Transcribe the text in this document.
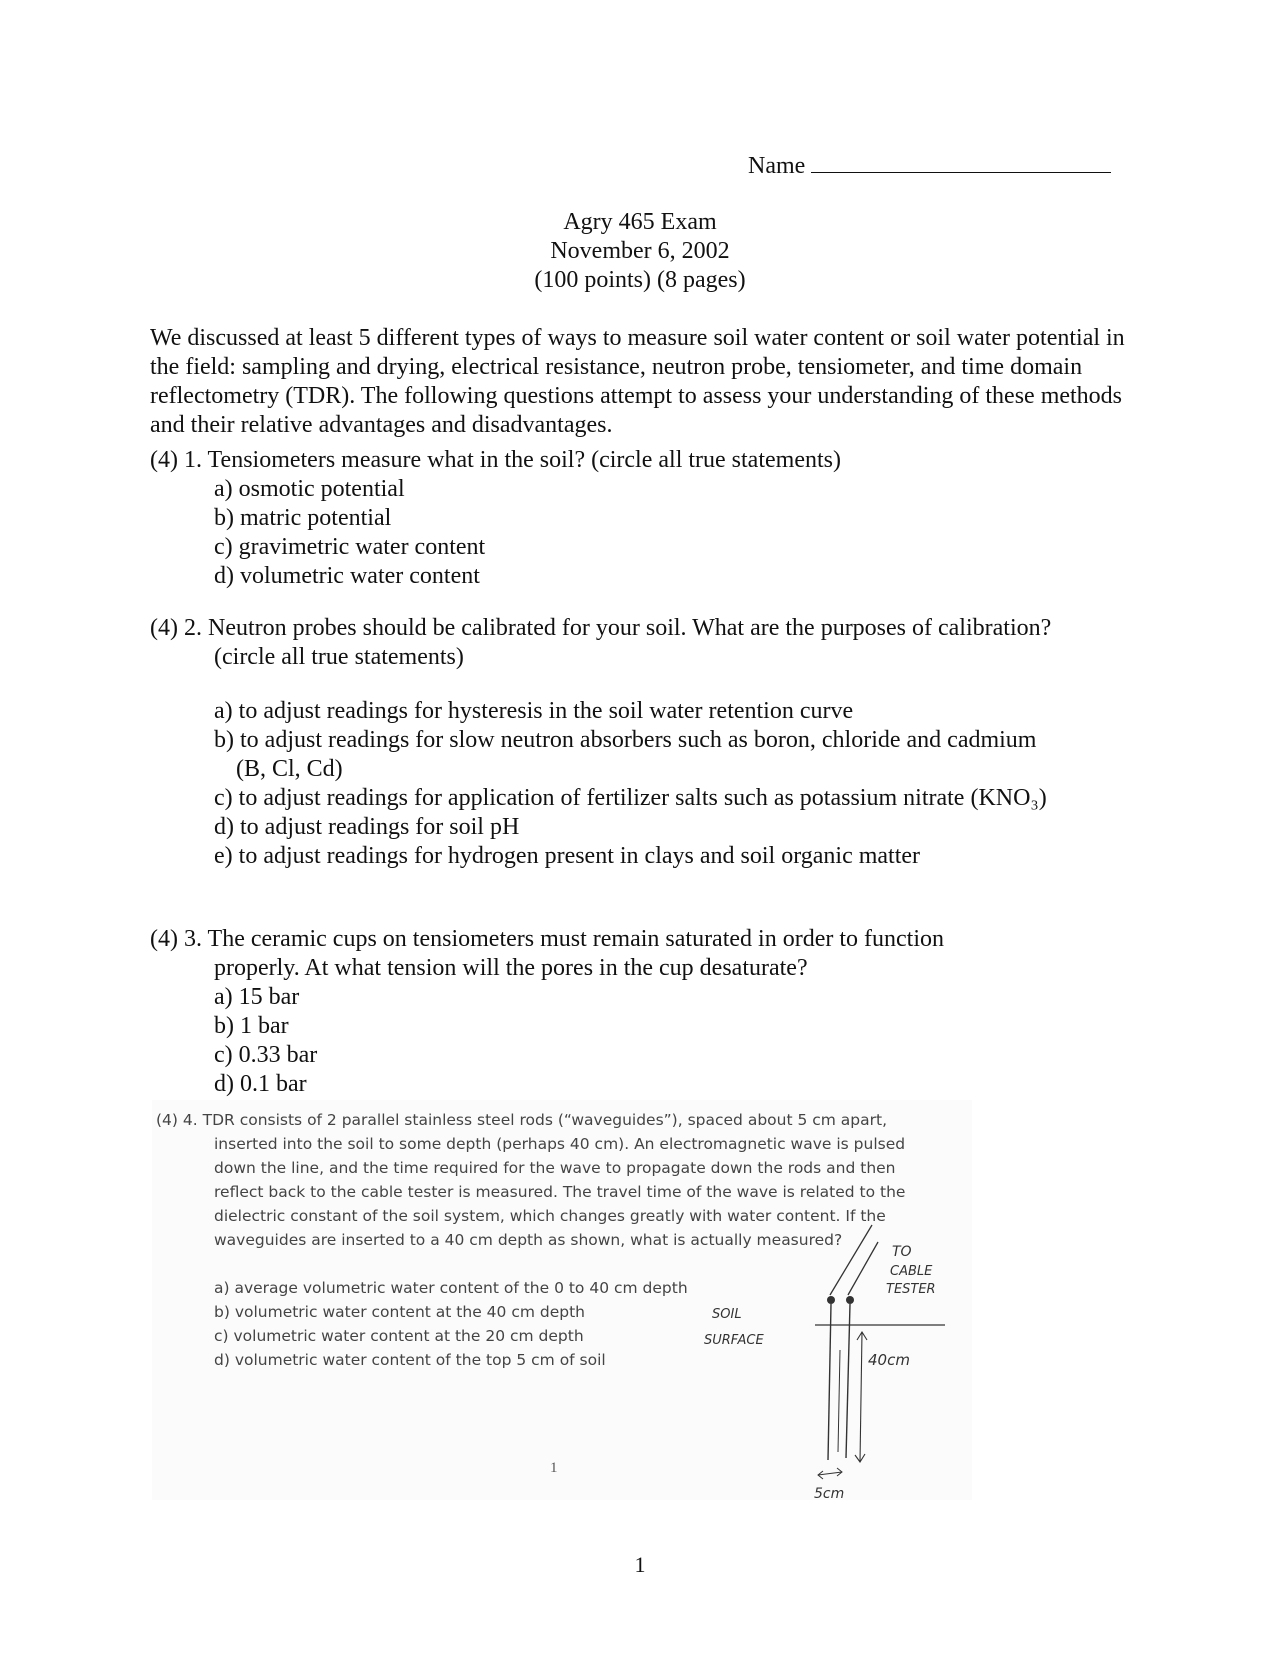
Name
Agry 465 Exam
November 6, 2002
(100 points) (8 pages)
We discussed at least 5 different types of ways to measure soil water content or soil water potential in the field: sampling and drying, electrical resistance, neutron probe, tensiometer, and time domain reflectometry (TDR). The following questions attempt to assess your understanding of these methods and their relative advantages and disadvantages.
(4) 1. Tensiometers measure what in the soil? (circle all true statements)
a) osmotic potential
b) matric potential
c) gravimetric water content
d) volumetric water content
(4) 2. Neutron probes should be calibrated for your soil. What are the purposes of calibration?
(circle all true statements)
a) to adjust readings for hysteresis in the soil water retention curve
b) to adjust readings for slow neutron absorbers such as boron, chloride and cadmium
(B, Cl, Cd)
c) to adjust readings for application of fertilizer salts such as potassium nitrate (KNO₃)
d) to adjust readings for soil pH
e) to adjust readings for hydrogen present in clays and soil organic matter
(4) 3. The ceramic cups on tensiometers must remain saturated in order to function
properly. At what tension will the pores in the cup desaturate?
a) 15 bar
b) 1 bar
c) 0.33 bar
d) 0.1 bar
(4) 4. TDR consists of 2 parallel stainless steel rods (“waveguides”), spaced about 5 cm apart,
inserted into the soil to some depth (perhaps 40 cm). An electromagnetic wave is pulsed
down the line, and the time required for the wave to propagate down the rods and then
reflect back to the cable tester is measured. The travel time of the wave is related to the
dielectric constant of the soil system, which changes greatly with water content. If the
waveguides are inserted to a 40 cm depth as shown, what is actually measured?
a) average volumetric water content of the 0 to 40 cm depth
b) volumetric water content at the 40 cm depth
c) volumetric water content at the 20 cm depth
d) volumetric water content of the top 5 cm of soil
TO
CABLE
TESTER
SOIL
SURFACE
40cm
5cm
1
1
